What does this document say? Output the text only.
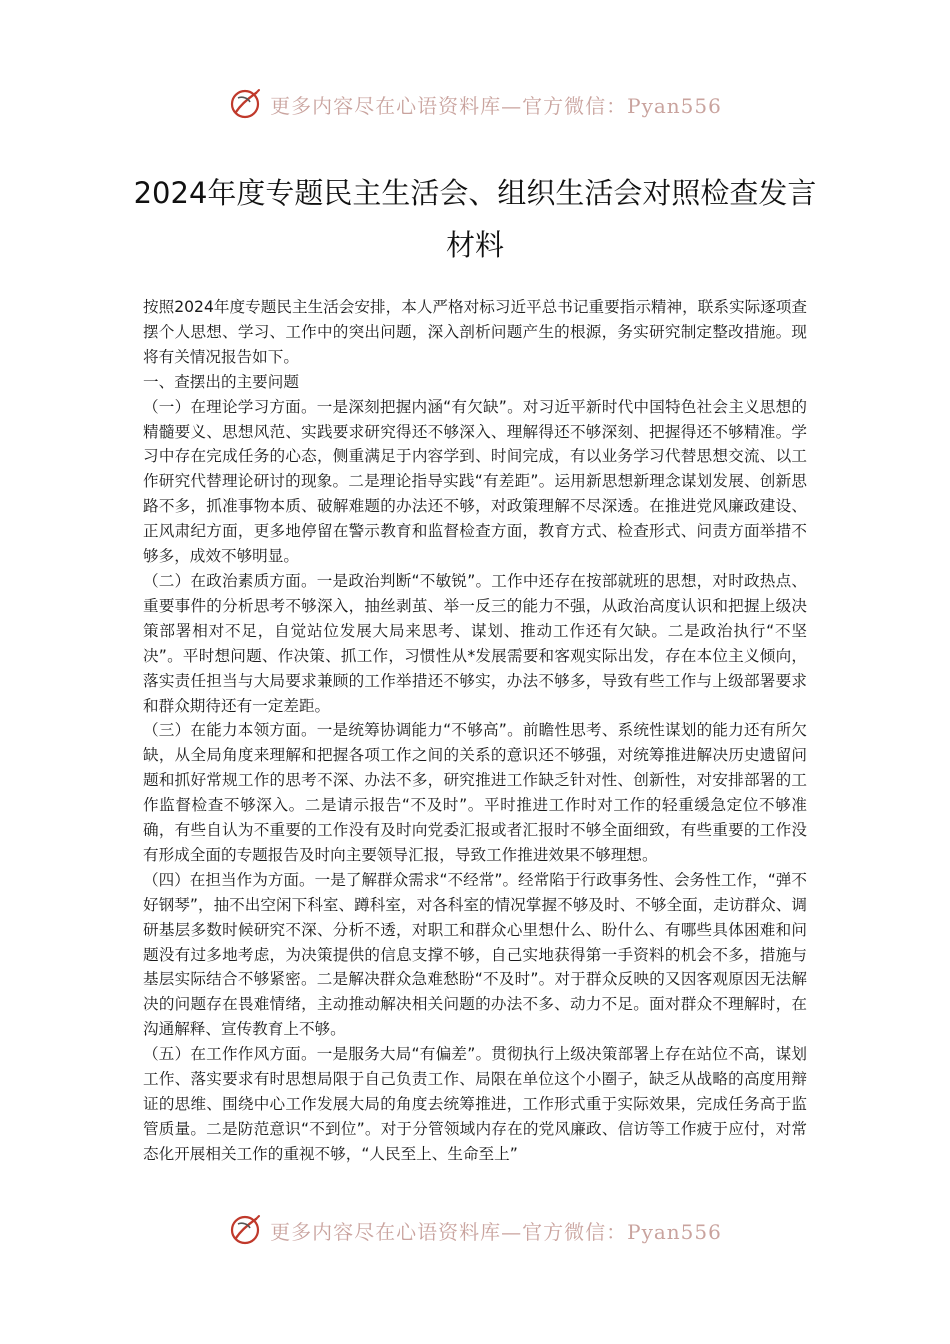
更多内容尽在心语资料库—官方微信：Pyan556
2024年度专题民主生活会、组织生活会对照检查发言材料

按照2024年度专题民主生活会安排，本人严格对标习近平总书记重要指示精神，联系实际逐项查摆个人思想、学习、工作中的突出问题，深入剖析问题产生的根源，务实研究制定整改措施。现将有关情况报告如下。

一、查摆出的主要问题

（一）在理论学习方面。一是深刻把握内涵“有欠缺”。对习近平新时代中国特色社会主义思想的精髓要义、思想风范、实践要求研究得还不够深入、理解得还不够深刻、把握得还不够精准。学习中存在完成任务的心态，侧重满足于内容学到、时间完成，有以业务学习代替思想交流、以工作研究代替理论研讨的现象。二是理论指导实践“有差距”。运用新思想新理念谋划发展、创新思路不多，抓准事物本质、破解难题的办法还不够，对政策理解不尽深透。在推进党风廉政建设、正风肃纪方面，更多地停留在警示教育和监督检查方面，教育方式、检查形式、问责方面举措不够多，成效不够明显。

（二）在政治素质方面。一是政治判断“不敏锐”。工作中还存在按部就班的思想，对时政热点、重要事件的分析思考不够深入，抽丝剥茧、举一反三的能力不强，从政治高度认识和把握上级决策部署相对不足，自觉站位发展大局来思考、谋划、推动工作还有欠缺。二是政治执行“不坚决”。平时想问题、作决策、抓工作，习惯性从*发展需要和客观实际出发，存在本位主义倾向，落实责任担当与大局要求兼顾的工作举措还不够实，办法不够多，导致有些工作与上级部署要求和群众期待还有一定差距。

（三）在能力本领方面。一是统筹协调能力“不够高”。前瞻性思考、系统性谋划的能力还有所欠缺，从全局角度来理解和把握各项工作之间的关系的意识还不够强，对统筹推进解决历史遗留问题和抓好常规工作的思考不深、办法不多，研究推进工作缺乏针对性、创新性，对安排部署的工作监督检查不够深入。二是请示报告“不及时”。平时推进工作时对工作的轻重缓急定位不够准确，有些自认为不重要的工作没有及时向党委汇报或者汇报时不够全面细致，有些重要的工作没有形成全面的专题报告及时向主要领导汇报，导致工作推进效果不够理想。

（四）在担当作为方面。一是了解群众需求“不经常”。经常陷于行政事务性、会务性工作，“弹不好钢琴”，抽不出空闲下科室、蹲科室，对各科室的情况掌握不够及时、不够全面，走访群众、调研基层多数时候研究不深、分析不透，对职工和群众心里想什么、盼什么、有哪些具体困难和问题没有过多地考虑，为决策提供的信息支撑不够，自己实地获得第一手资料的机会不多，措施与基层实际结合不够紧密。二是解决群众急难愁盼“不及时”。对于群众反映的又因客观原因无法解决的问题存在畏难情绪，主动推动解决相关问题的办法不多、动力不足。面对群众不理解时，在沟通解释、宣传教育上不够。

（五）在工作作风方面。一是服务大局“有偏差”。贯彻执行上级决策部署上存在站位不高，谋划工作、落实要求有时思想局限于自己负责工作、局限在单位这个小圈子，缺乏从战略的高度用辩证的思维、围绕中心工作发展大局的角度去统筹推进，工作形式重于实际效果，完成任务高于监管质量。二是防范意识“不到位”。对于分管领域内存在的党风廉政、信访等工作疲于应付，对常态化开展相关工作的重视不够，“人民至上、生命至上”

更多内容尽在心语资料库—官方微信：Pyan556
